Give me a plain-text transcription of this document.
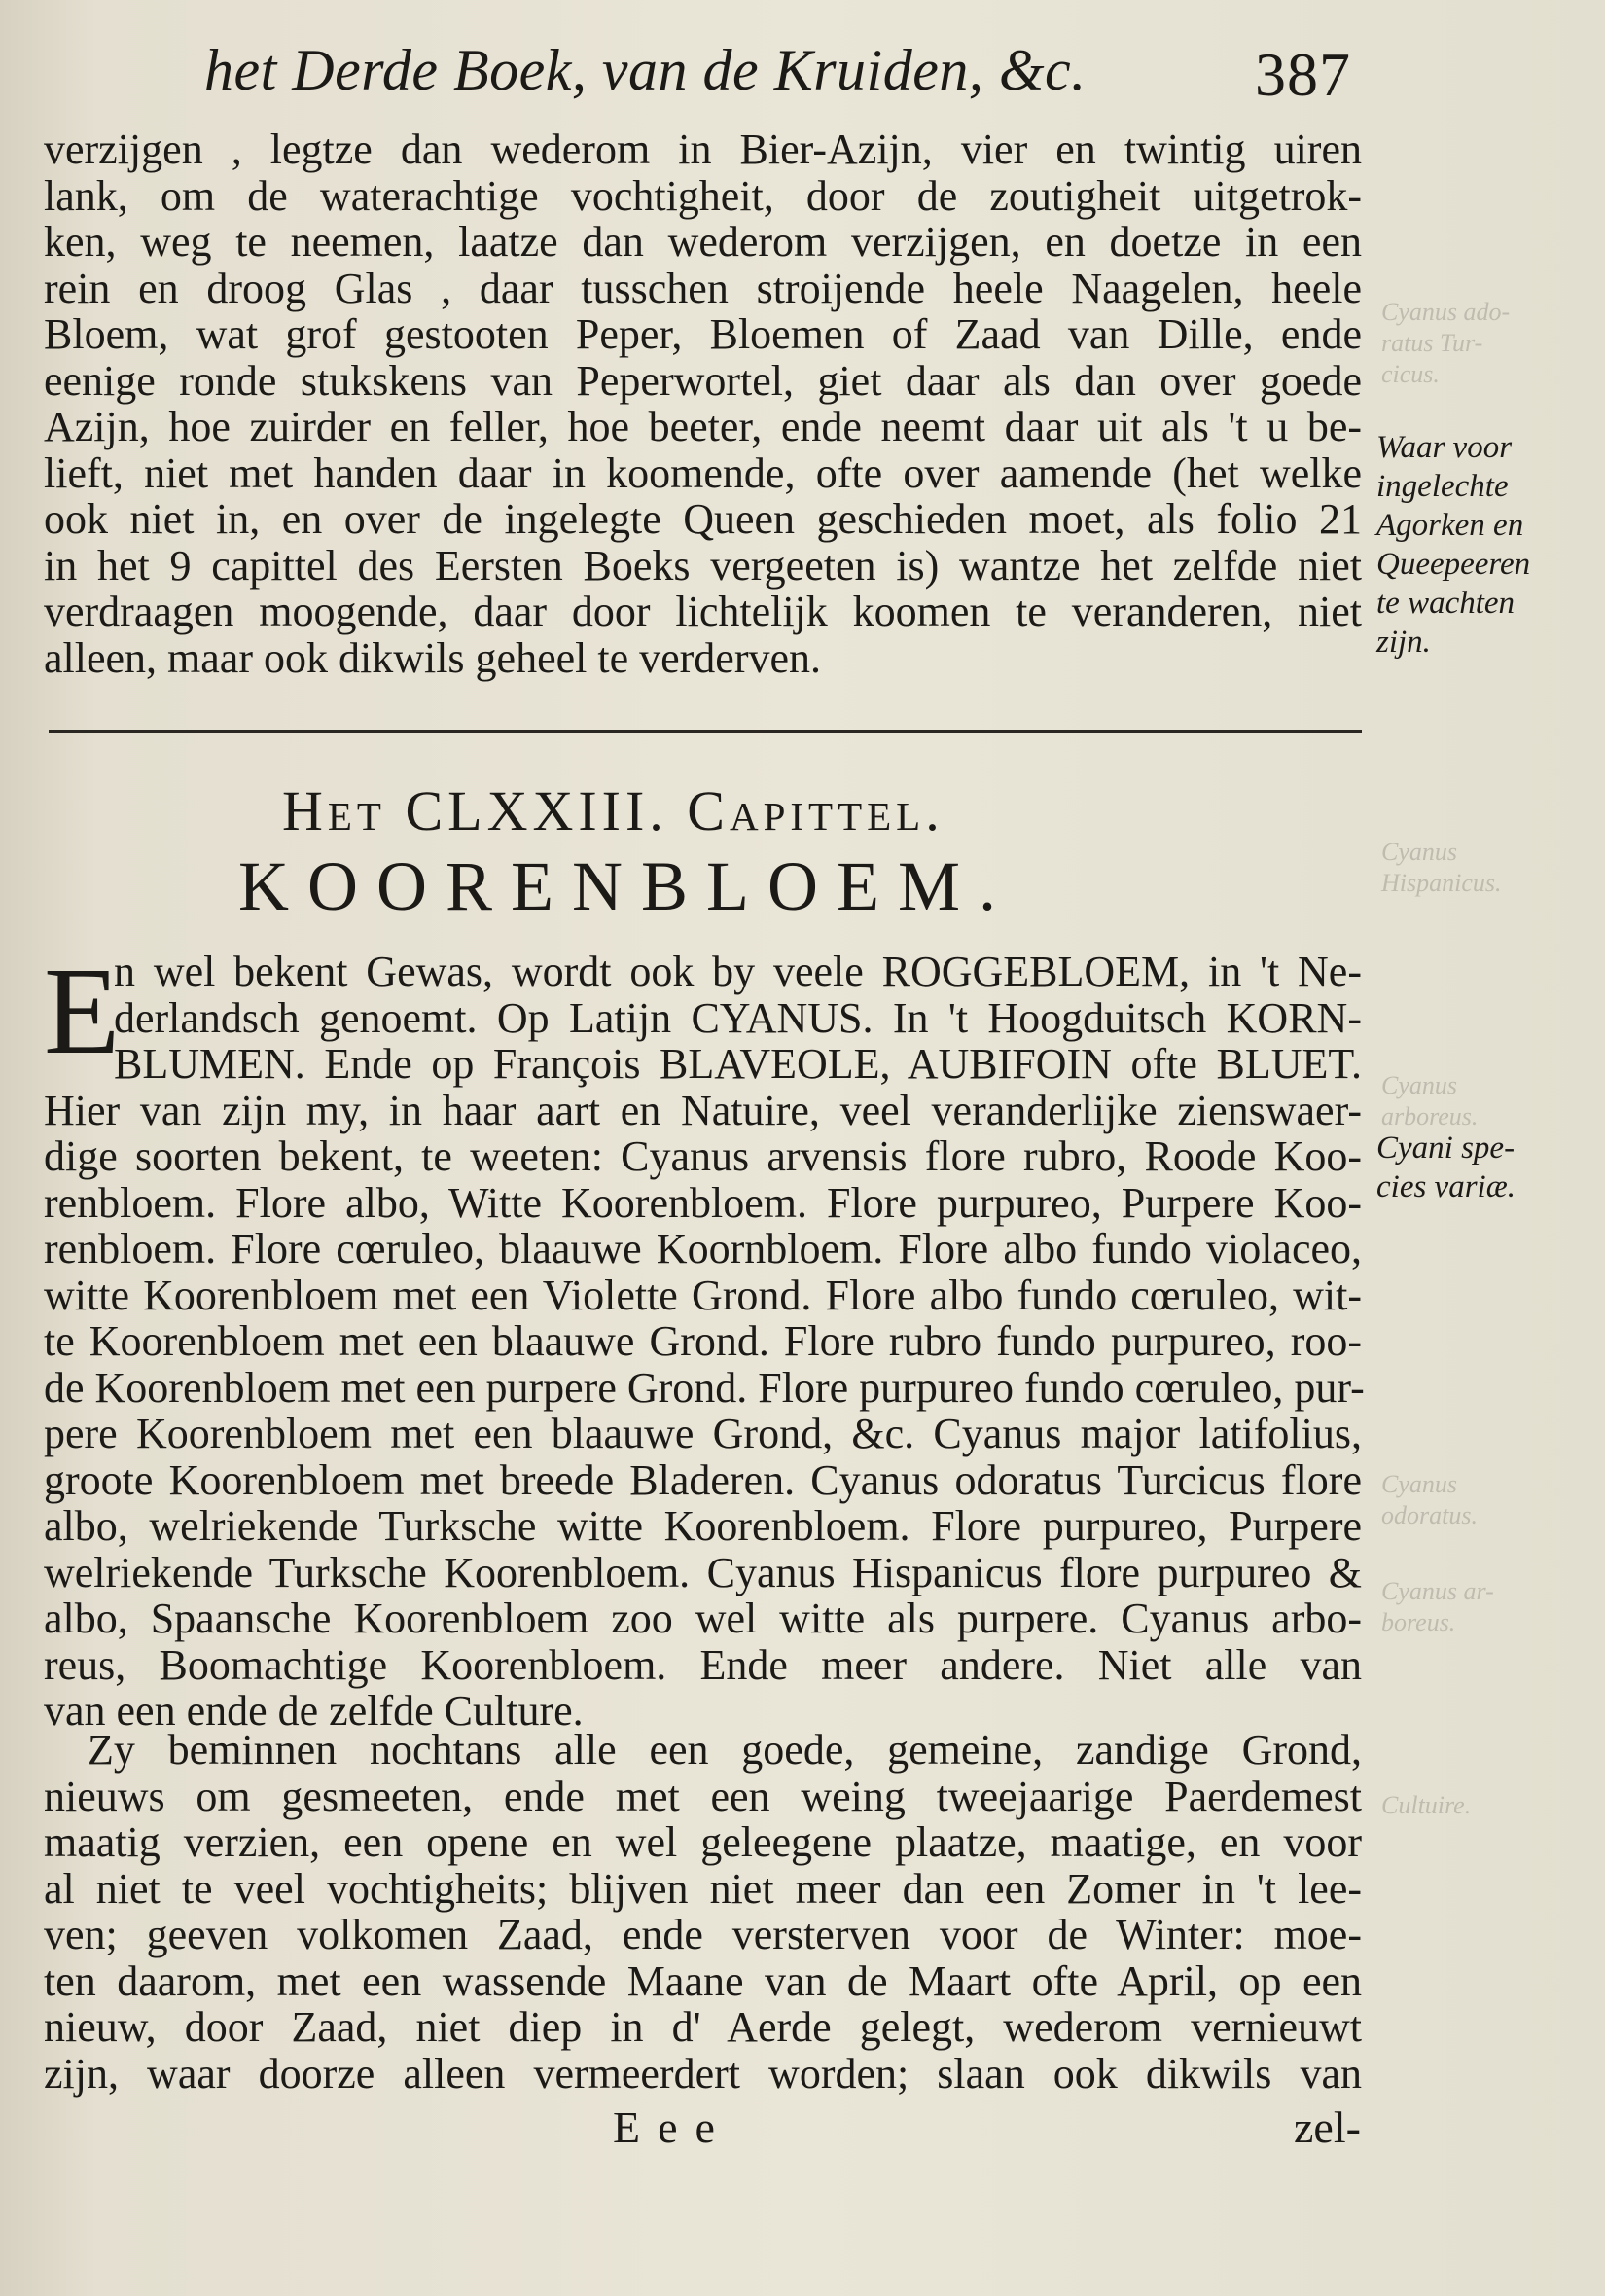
het Derde Boek, van de Kruiden, &c.	387
verzijgen , legtze dan wederom in Bier-Azijn, vier en twintig uiren
lank, om de waterachtige vochtigheit, door de zoutigheit uitgetrok-
ken, weg te neemen, laatze dan wederom verzijgen, en doetze in een
rein en droog Glas , daar tusschen stroijende heele Naagelen, heele
Bloem, wat grof gestooten Peper, Bloemen of Zaad van Dille, ende
eenige ronde stukskens van Peperwortel, giet daar als dan over goede
Azijn, hoe zuirder en feller, hoe beeter, ende neemt daar uit als 't u be-
lieft, niet met handen daar in koomende, ofte over aamende (het welke
ook niet in, en over de ingelegte Queen geschieden moet, als folio 21
in het 9 capittel des Eersten Boeks vergeeten is) wantze het zelfde niet
verdraagen moogende, daar door lichtelijk koomen te veranderen, niet
alleen, maar ook dikwils geheel te verderven.
Waar voor
ingelechte
Agorken en
Queepeeren
te wachten
zijn.
Het CLXXIII. Capittel.
KOORENBLOEM.
E
n wel bekent Gewas, wordt ook by veele ROGGEBLOEM, in 't Ne-
derlandsch genoemt. Op Latijn CYANUS. In 't Hoogduitsch KORN-
BLUMEN. Ende op François BLAVEOLE, AUBIFOIN ofte BLUET.
Hier van zijn my, in haar aart en Natuire, veel veranderlijke zienswaer-
dige soorten bekent, te weeten: Cyanus arvensis flore rubro, Roode Koo-
renbloem. Flore albo, Witte Koorenbloem. Flore purpureo, Purpere Koo-
renbloem. Flore cœruleo, blaauwe Koornbloem. Flore albo fundo violaceo,
witte Koorenbloem met een Violette Grond. Flore albo fundo cœruleo, wit-
te Koorenbloem met een blaauwe Grond. Flore rubro fundo purpureo, roo-
de Koorenbloem met een purpere Grond. Flore purpureo fundo cœruleo, pur-
pere Koorenbloem met een blaauwe Grond, &c. Cyanus major latifolius,
groote Koorenbloem met breede Bladeren. Cyanus odoratus Turcicus flore
albo, welriekende Turksche witte Koorenbloem. Flore purpureo, Purpere
welriekende Turksche Koorenbloem. Cyanus Hispanicus flore purpureo &
albo, Spaansche Koorenbloem zoo wel witte als purpere. Cyanus arbo-
reus, Boomachtige Koorenbloem. Ende meer andere. Niet alle van
van een ende de zelfde Culture.
Cyani spe-
cies variæ.
Zy beminnen nochtans alle een goede, gemeine, zandige Grond,
nieuws om gesmeeten, ende met een weing tweejaarige Paerdemest
maatig verzien, een opene en wel geleegene plaatze, maatige, en voor
al niet te veel vochtigheits; blijven niet meer dan een Zomer in 't lee-
ven; geeven volkomen Zaad, ende versterven voor de Winter: moe-
ten daarom, met een wassende Maane van de Maart ofte April, op een
nieuw, door Zaad, niet diep in d' Aerde gelegt, wederom vernieuwt
zijn, waar doorze alleen vermeerdert worden; slaan ook dikwils van
Eee	zel-
Cyanus ado-
ratus Tur-
cicus.
Cyanus
Hispanicus.
Cyanus
arboreus.
Cyanus
odoratus.
Cyanus ar-
boreus.
Cultuire.
